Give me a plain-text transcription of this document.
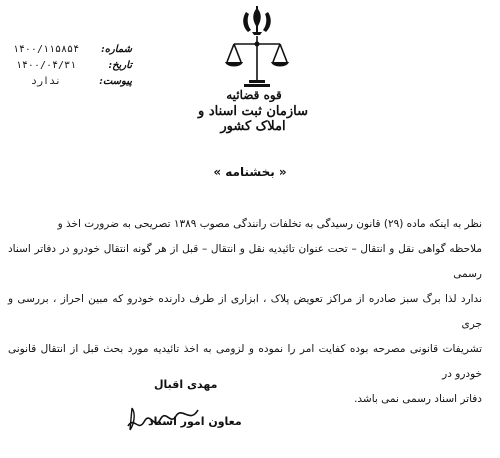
قوه قضائیه
سازمان ثبت اسناد و املاک کشور
شماره:
۱۴۰۰/۱۱۵۸۵۴
تاریخ:
۱۴۰۰/۰۴/۳۱
پیوست:
ندارد
« بخشنامه »

نظر به اینکه ماده (۲۹) قانون رسیدگی به تخلفات رانندگی مصوب ۱۳۸۹ تصریحی به ضرورت اخذ و

ملاحظه گواهی نقل و انتقال – تحت عنوان تائیدیه نقل و انتقال – قبل از هر گونه انتقال خودرو در دفاتر اسناد رسمی

ندارد لذا برگ سبز صادره از مراکز تعویض پلاک ، ابزاری از طرف دارنده خودرو که مبین احراز ، بررسی و جری

تشریفات قانونی مصرحه بوده کفایت امر را نموده و لزومی به اخذ تائیدیه مورد بحث قبل از انتقال قانونی خودرو در

دفاتر اسناد رسمی نمی باشد.

مهدی اقبال
معاون امور اسناد
